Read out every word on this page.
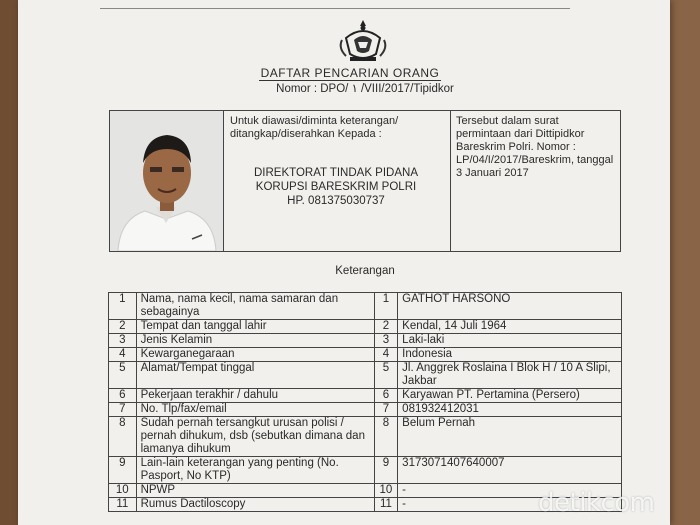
DAFTAR PENCARIAN ORANG
Nomor : DPO/ ١ /VIII/2017/Tipidkor
Untuk diawasi/diminta keterangan/ ditangkap/diserahkan Kepada :
DIREKTORAT TINDAK PIDANA
KORUPSI BARESKRIM POLRI
HP. 081375030737
Tersebut dalam surat permintaan dari Dittipidkor Bareskrim Polri. Nomor : LP/04/I/2017/Bareskrim, tanggal 3 Januari 2017
Keterangan
1	Nama, nama kecil, nama samaran dan sebagainya	1	GATHOT HARSONO
2	Tempat dan tanggal lahir	2	Kendal, 14 Juli 1964
3	Jenis Kelamin	3	Laki-laki
4	Kewarganegaraan	4	Indonesia
5	Alamat/Tempat tinggal	5	Jl. Anggrek Roslaina I Blok H / 10 A Slipi, Jakbar
6	Pekerjaan terakhir / dahulu	6	Karyawan PT. Pertamina (Persero)
7	No. Tlp/fax/email	7	081932412031
8	Sudah pernah tersangkut urusan polisi / pernah dihukum, dsb (sebutkan dimana dan lamanya dihukum	8	Belum Pernah
9	Lain-lain keterangan yang penting (No. Pasport, No KTP)	9	3173071407640007
10	NPWP	10	-
11	Rumus Dactiloscopy	11	-	detikcom
